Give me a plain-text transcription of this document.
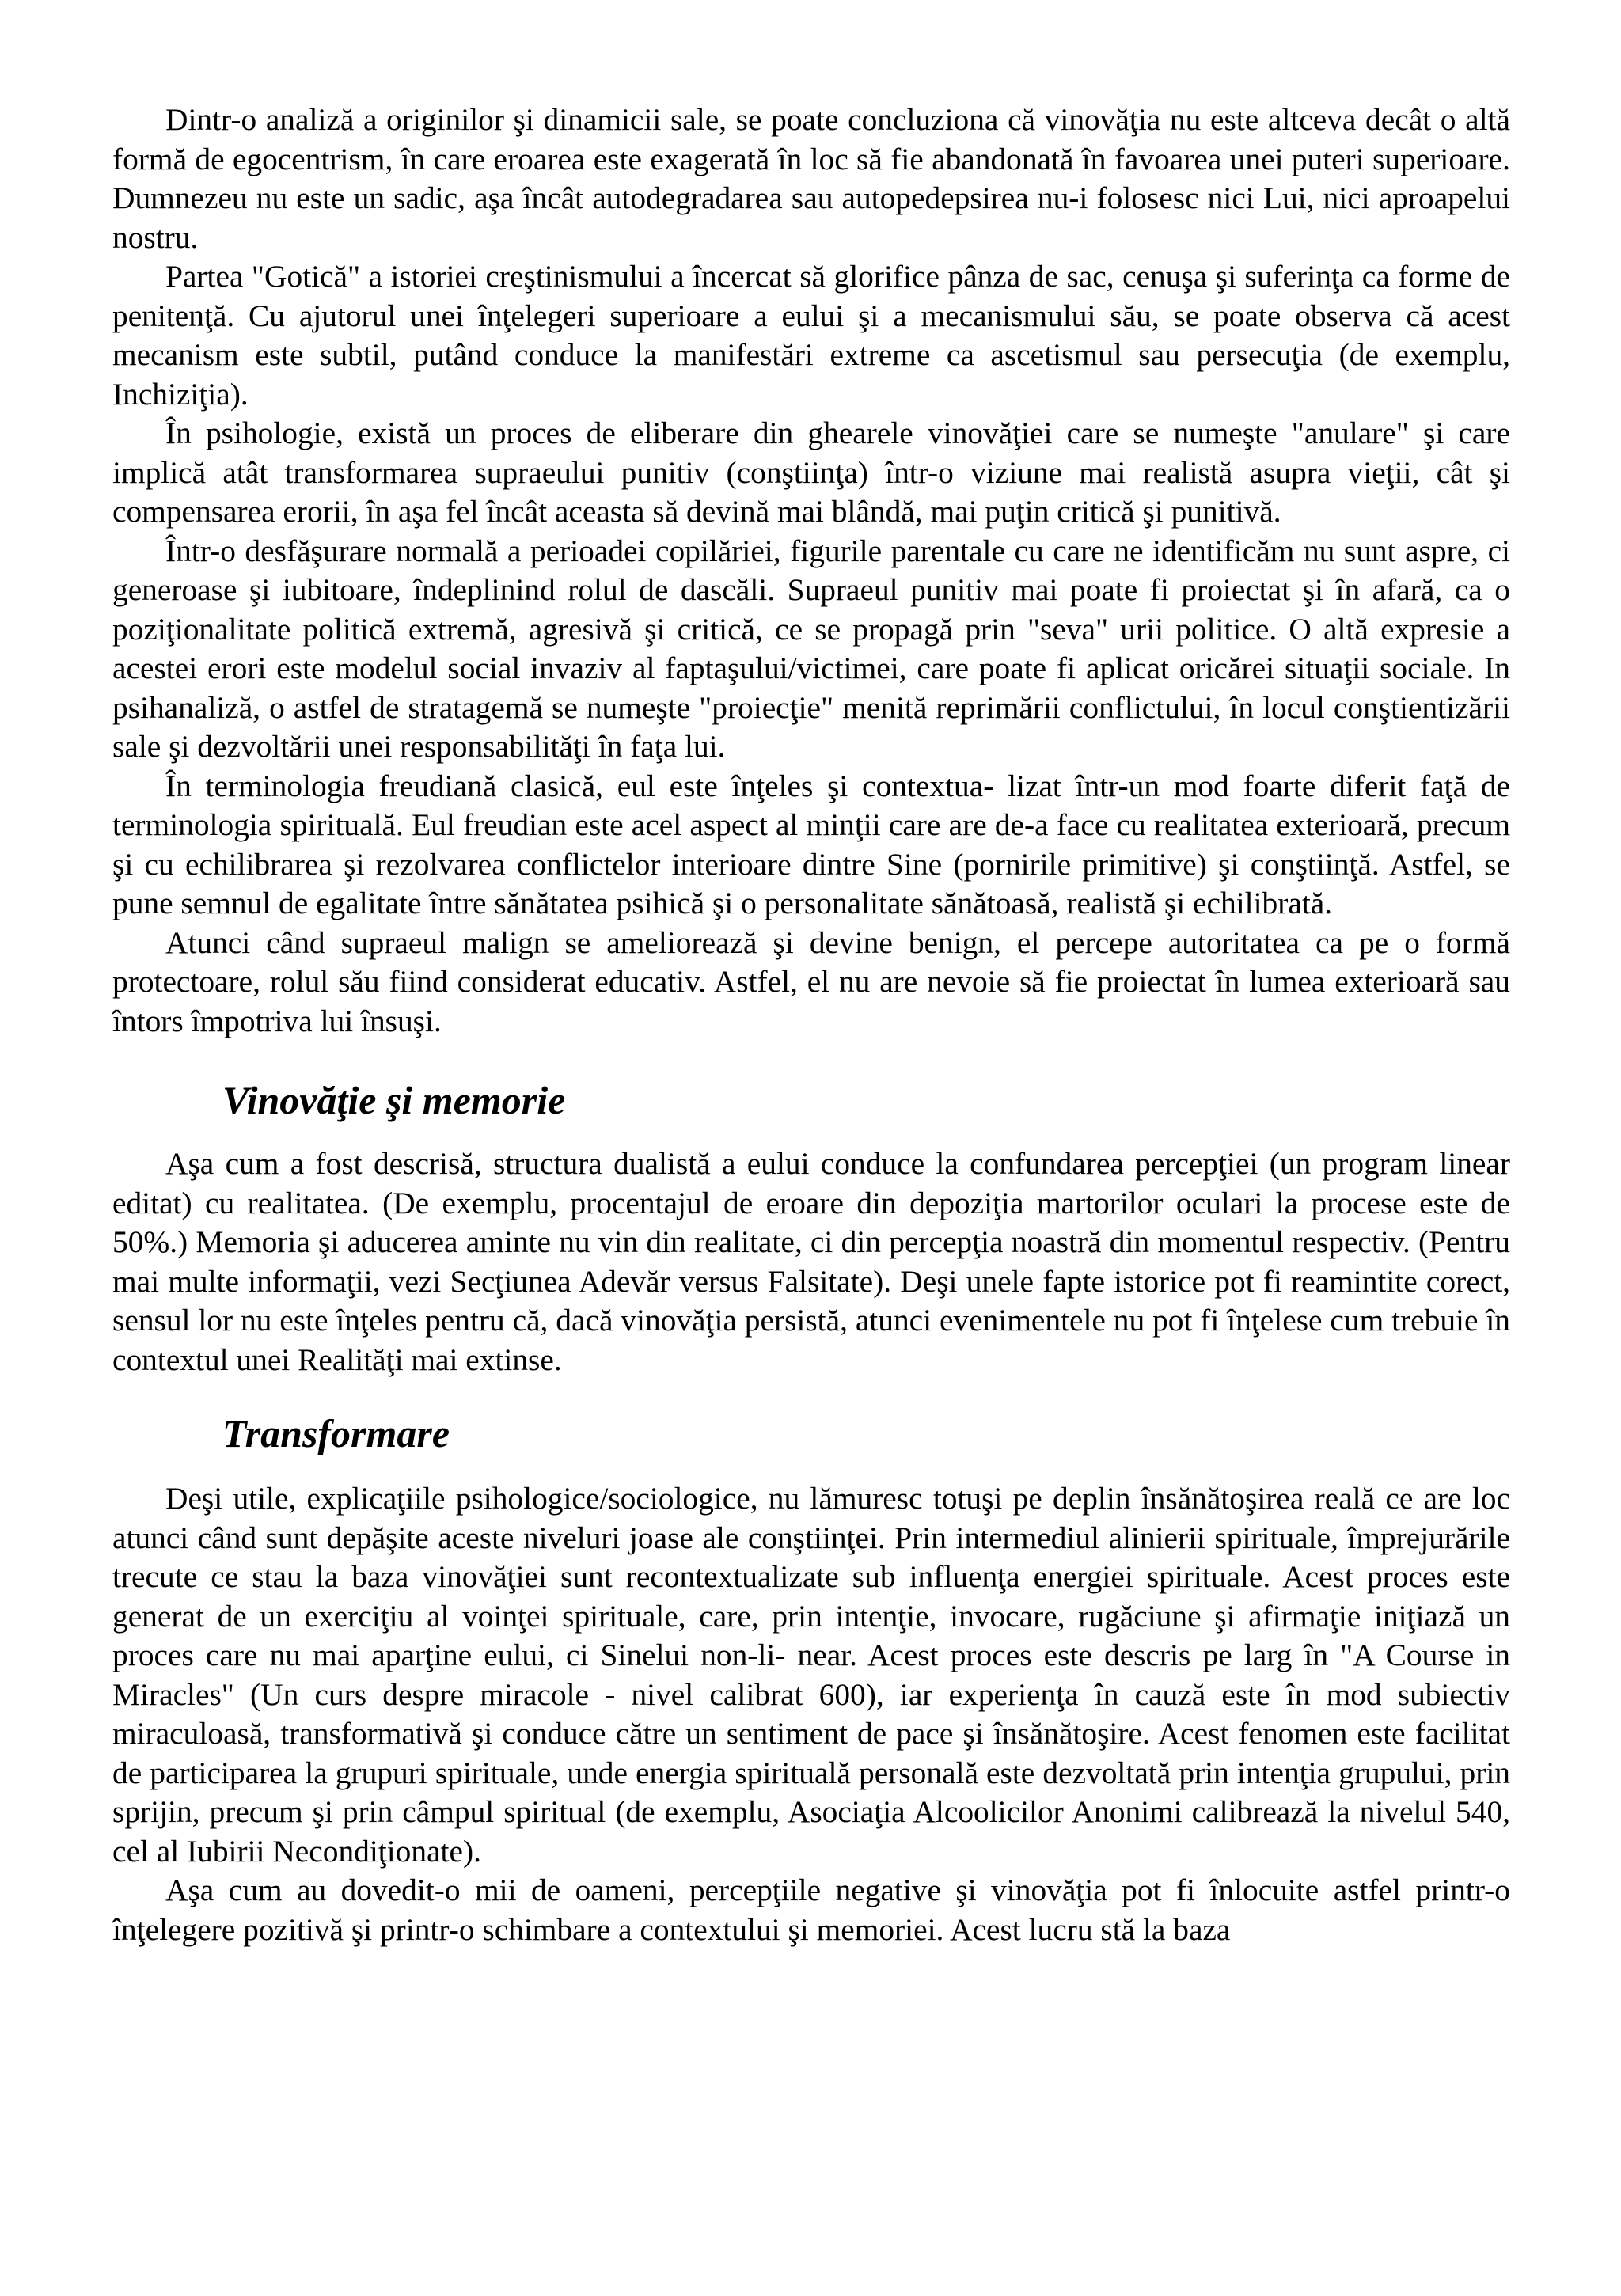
Dintr-o analiză a originilor şi dinamicii sale, se poate concluziona că vinovăţia nu este altceva decât o altă formă de egocentrism, în care eroarea este exagerată în loc să fie abandonată în favoarea unei puteri superioare. Dumnezeu nu este un sadic, aşa încât autodegradarea sau autopedepsirea nu-i folosesc nici Lui, nici aproapelui nostru.

Partea "Gotică" a istoriei creştinismului a încercat să glorifice pânza de sac, cenuşa şi suferinţa ca forme de penitenţă. Cu ajutorul unei înţelegeri superioare a eului şi a mecanismului său, se poate observa că acest mecanism este subtil, putând conduce la manifestări extreme ca ascetismul sau persecuţia (de exemplu, Inchiziţia).

În psihologie, există un proces de eliberare din ghearele vinovăţiei care se numeşte "anulare" şi care implică atât transformarea supraeului punitiv (conştiinţa) într-o viziune mai realistă asupra vieţii, cât şi compensarea erorii, în aşa fel încât aceasta să devină mai blândă, mai puţin critică şi punitivă.

Într-o desfăşurare normală a perioadei copilăriei, figurile parentale cu care ne identificăm nu sunt aspre, ci generoase şi iubitoare, îndeplinind rolul de dascăli. Supraeul punitiv mai poate fi proiectat şi în afară, ca o poziţionalitate politică extremă, agresivă şi critică, ce se propagă prin "seva" urii politice. O altă expresie a acestei erori este modelul social invaziv al faptaşului/victimei, care poate fi aplicat oricărei situaţii sociale. In psihanaliză, o astfel de stratagemă se numeşte "proiecţie" menită reprimării conflictului, în locul conştientizării sale şi dezvoltării unei responsabilităţi în faţa lui.

În terminologia freudiană clasică, eul este înţeles şi contextua- lizat într-un mod foarte diferit faţă de terminologia spirituală. Eul freudian este acel aspect al minţii care are de-a face cu realitatea exterioară, precum şi cu echilibrarea şi rezolvarea conflictelor interioare dintre Sine (pornirile primitive) şi conştiinţă. Astfel, se pune semnul de egalitate între sănătatea psihică şi o personalitate sănătoasă, realistă şi echilibrată.

Atunci când supraeul malign se ameliorează şi devine benign, el percepe autoritatea ca pe o formă protectoare, rolul său fiind considerat educativ. Astfel, el nu are nevoie să fie proiectat în lumea exterioară sau întors împotriva lui însuşi.

Vinovăţie şi memorie

Aşa cum a fost descrisă, structura dualistă a eului conduce la confundarea percepţiei (un program linear editat) cu realitatea. (De exemplu, procentajul de eroare din depoziţia martorilor oculari la procese este de 50%.) Memoria şi aducerea aminte nu vin din realitate, ci din percepţia noastră din momentul respectiv. (Pentru mai multe informaţii, vezi Secţiunea Adevăr versus Falsitate). Deşi unele fapte istorice pot fi reamintite corect, sensul lor nu este înţeles pentru că, dacă vinovăţia persistă, atunci evenimentele nu pot fi înţelese cum trebuie în contextul unei Realităţi mai extinse.

Transformare

Deşi utile, explicaţiile psihologice/sociologice, nu lămuresc totuşi pe deplin însănătoşirea reală ce are loc atunci când sunt depăşite aceste niveluri joase ale conştiinţei. Prin intermediul alinierii spirituale, împrejurările trecute ce stau la baza vinovăţiei sunt recontextualizate sub influenţa energiei spirituale. Acest proces este generat de un exerciţiu al voinţei spirituale, care, prin intenţie, invocare, rugăciune şi afirmaţie iniţiază un proces care nu mai aparţine eului, ci Sinelui non-li- near. Acest proces este descris pe larg în "A Course in Miracles" (Un curs despre miracole - nivel calibrat 600), iar experienţa în cauză este în mod subiectiv miraculoasă, transformativă şi conduce către un sentiment de pace şi însănătoşire. Acest fenomen este facilitat de participarea la grupuri spirituale, unde energia spirituală personală este dezvoltată prin intenţia grupului, prin sprijin, precum şi prin câmpul spiritual (de exemplu, Asociaţia Alcoolicilor Anonimi calibrează la nivelul 540, cel al Iubirii Necondiţionate).

Aşa cum au dovedit-o mii de oameni, percepţiile negative şi vinovăţia pot fi înlocuite astfel printr-o înţelegere pozitivă şi printr-o schimbare a contextului şi memoriei. Acest lucru stă la baza
